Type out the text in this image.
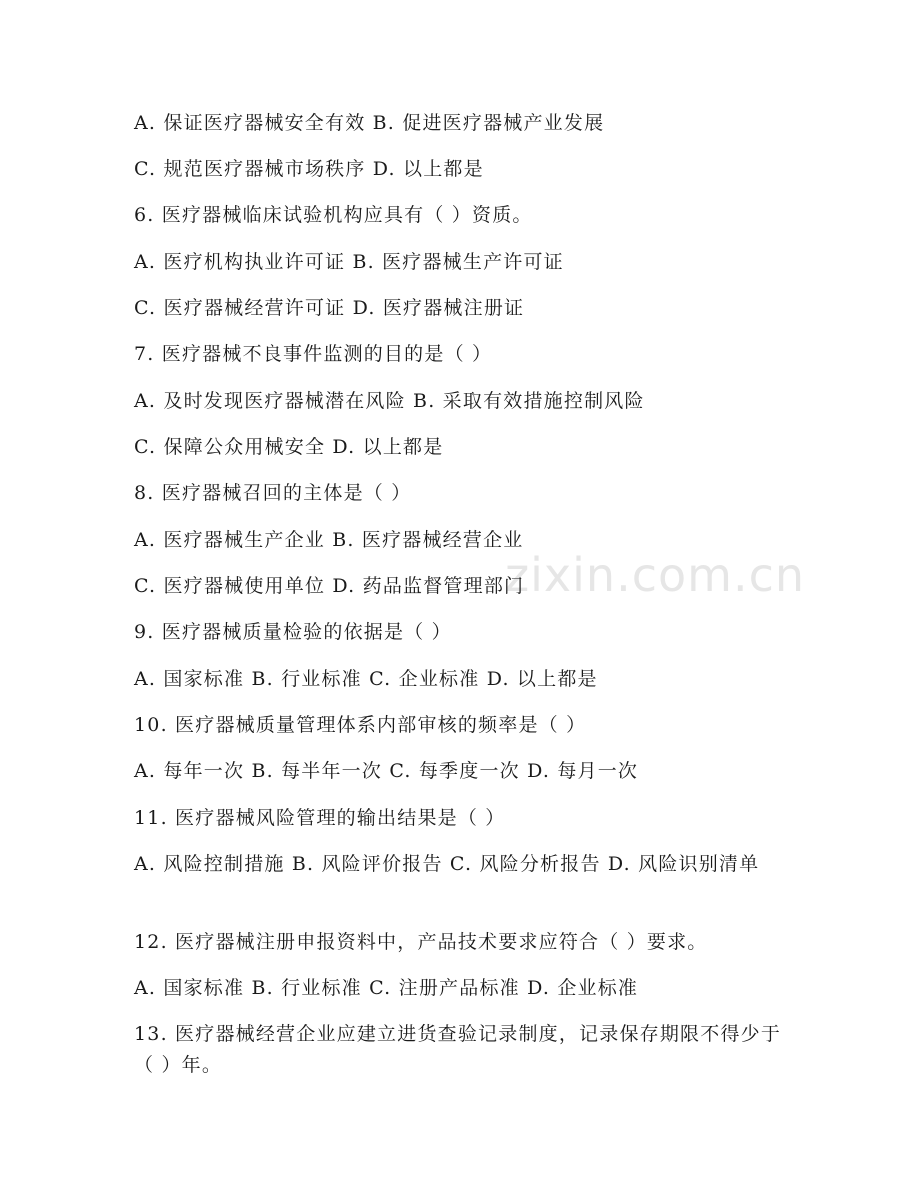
zixin.com.cn
A. 保证医疗器械安全有效 B. 促进医疗器械产业发展
C. 规范医疗器械市场秩序 D. 以上都是
6. 医疗器械临床试验机构应具有（ ）资质。
A. 医疗机构执业许可证 B. 医疗器械生产许可证
C. 医疗器械经营许可证 D. 医疗器械注册证
7. 医疗器械不良事件监测的目的是（ ）
A. 及时发现医疗器械潜在风险 B. 采取有效措施控制风险
C. 保障公众用械安全 D. 以上都是
8. 医疗器械召回的主体是（ ）
A. 医疗器械生产企业 B. 医疗器械经营企业
C. 医疗器械使用单位 D. 药品监督管理部门
9. 医疗器械质量检验的依据是（ ）
A. 国家标准 B. 行业标准 C. 企业标准 D. 以上都是
10. 医疗器械质量管理体系内部审核的频率是（ ）
A. 每年一次 B. 每半年一次 C. 每季度一次 D. 每月一次
11. 医疗器械风险管理的输出结果是（ ）
A. 风险控制措施 B. 风险评价报告 C. 风险分析报告 D. 风险识别清单
12. 医疗器械注册申报资料中，产品技术要求应符合（ ）要求。
A. 国家标准 B. 行业标准 C. 注册产品标准 D. 企业标准
13. 医疗器械经营企业应建立进货查验记录制度，记录保存期限不得少于（ ）年。
